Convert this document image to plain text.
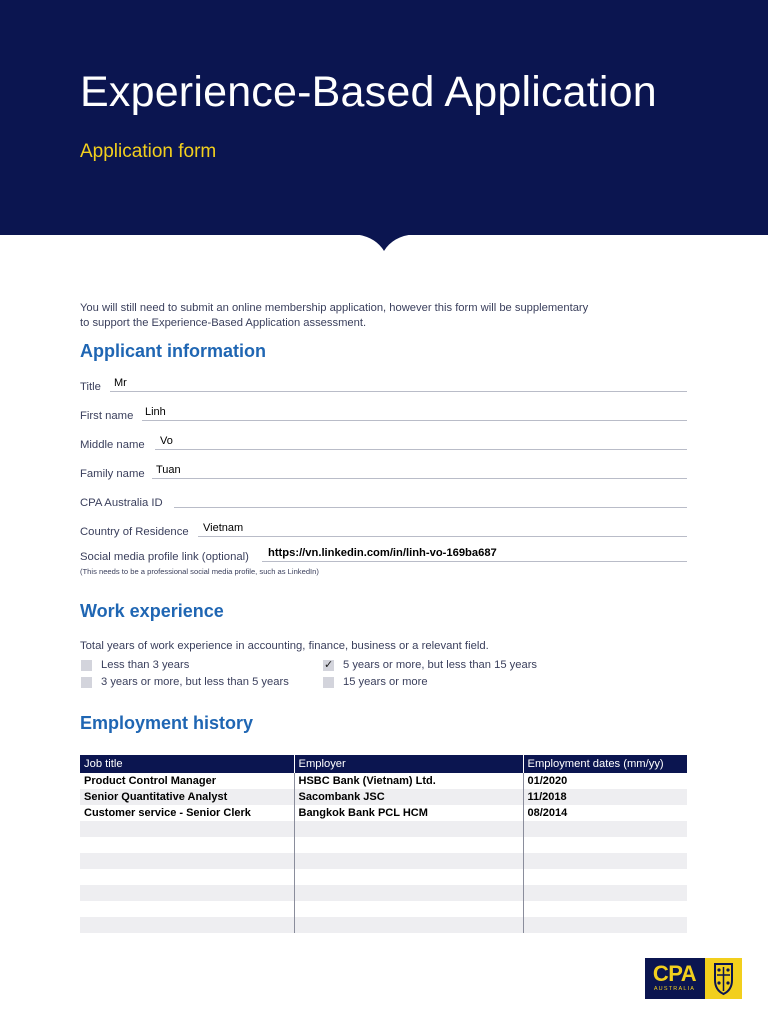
Experience-Based Application
Application form
You will still need to submit an online membership application, however this form will be supplementary
to support the Experience-Based Application assessment.
Applicant information
Title Mr
First name Linh
Middle name Vo
Family name Tuan
CPA Australia ID
Country of Residence Vietnam
Social media profile link (optional) https://vn.linkedin.com/in/linh-vo-169ba687
(This needs to be a professional social media profile, such as LinkedIn)
Work experience
Total years of work experience in accounting, finance, business or a relevant field.
Less than 3 years
3 years or more, but less than 5 years
✓ 5 years or more, but less than 15 years
15 years or more
Employment history
Job title	Employer	Employment dates (mm/yy)
Product Control Manager	HSBC Bank (Vietnam) Ltd.	01/2020
Senior Quantitative Analyst	Sacombank JSC	11/2018
Customer service - Senior Clerk	Bangkok Bank PCL HCM	08/2014

CPA
AUSTRALIA
